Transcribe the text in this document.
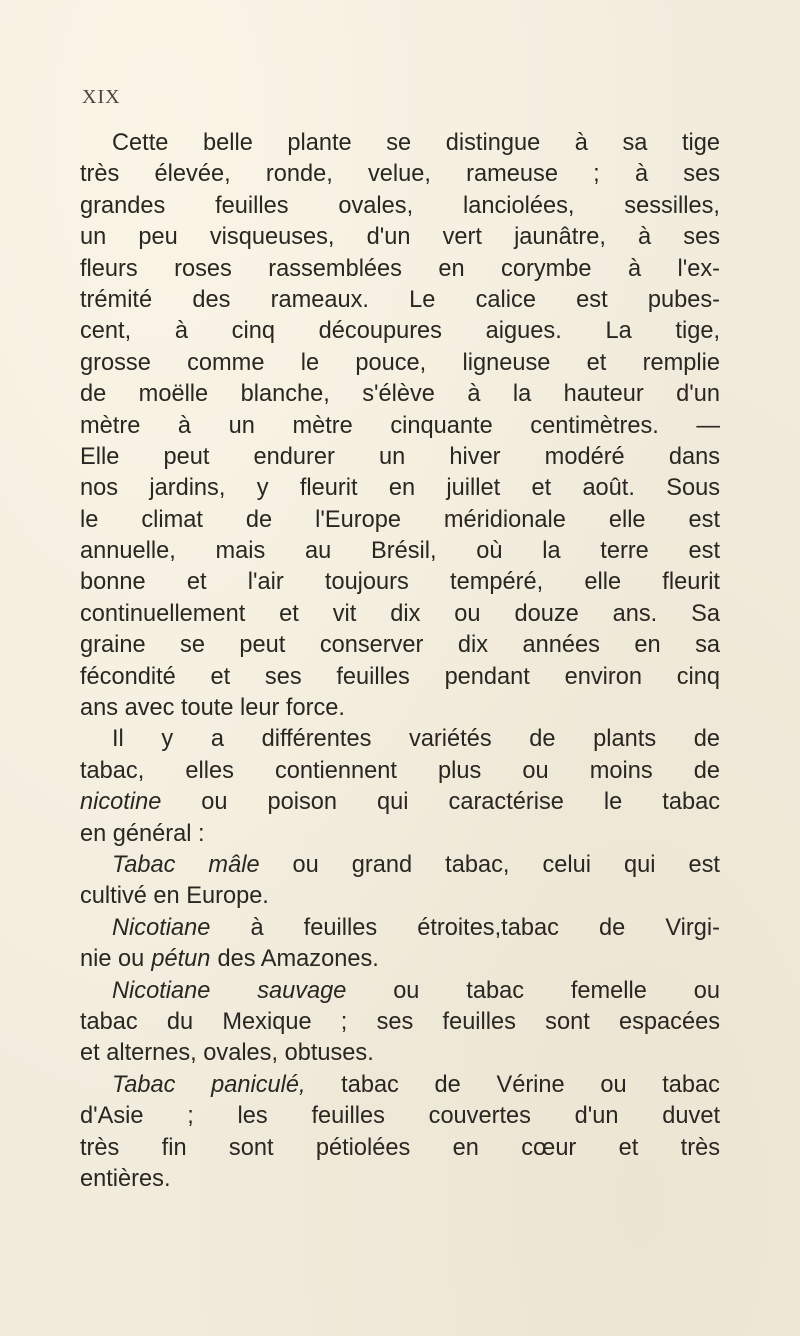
XIX
Cette belle plante se distingue à sa tige
très élevée, ronde, velue, rameuse ; à ses
grandes feuilles ovales, lanciolées, sessilles,
un peu visqueuses, d'un vert jaunâtre, à ses
fleurs roses rassemblées en corymbe à l'ex-
trémité des rameaux. Le calice est pubes-
cent, à cinq découpures aigues. La tige,
grosse comme le pouce, ligneuse et remplie
de moëlle blanche, s'élève à la hauteur d'un
mètre à un mètre cinquante centimètres. —
Elle peut endurer un hiver modéré dans
nos jardins, y fleurit en juillet et août. Sous
le climat de l'Europe méridionale elle est
annuelle, mais au Brésil, où la terre est
bonne et l'air toujours tempéré, elle fleurit
continuellement et vit dix ou douze ans. Sa
graine se peut conserver dix années en sa
fécondité et ses feuilles pendant environ cinq
ans avec toute leur force.
Il y a différentes variétés de plants de
tabac, elles contiennent plus ou moins de
nicotine ou poison qui caractérise le tabac
en général :
Tabac mâle ou grand tabac, celui qui est
cultivé en Europe.
Nicotiane à feuilles étroites,tabac de Virgi-
nie ou pétun des Amazones.
Nicotiane sauvage ou tabac femelle ou
tabac du Mexique ; ses feuilles sont espacées
et alternes, ovales, obtuses.
Tabac paniculé, tabac de Vérine ou tabac
d'Asie ; les feuilles couvertes d'un duvet
très fin sont pétiolées en cœur et très
entières.
